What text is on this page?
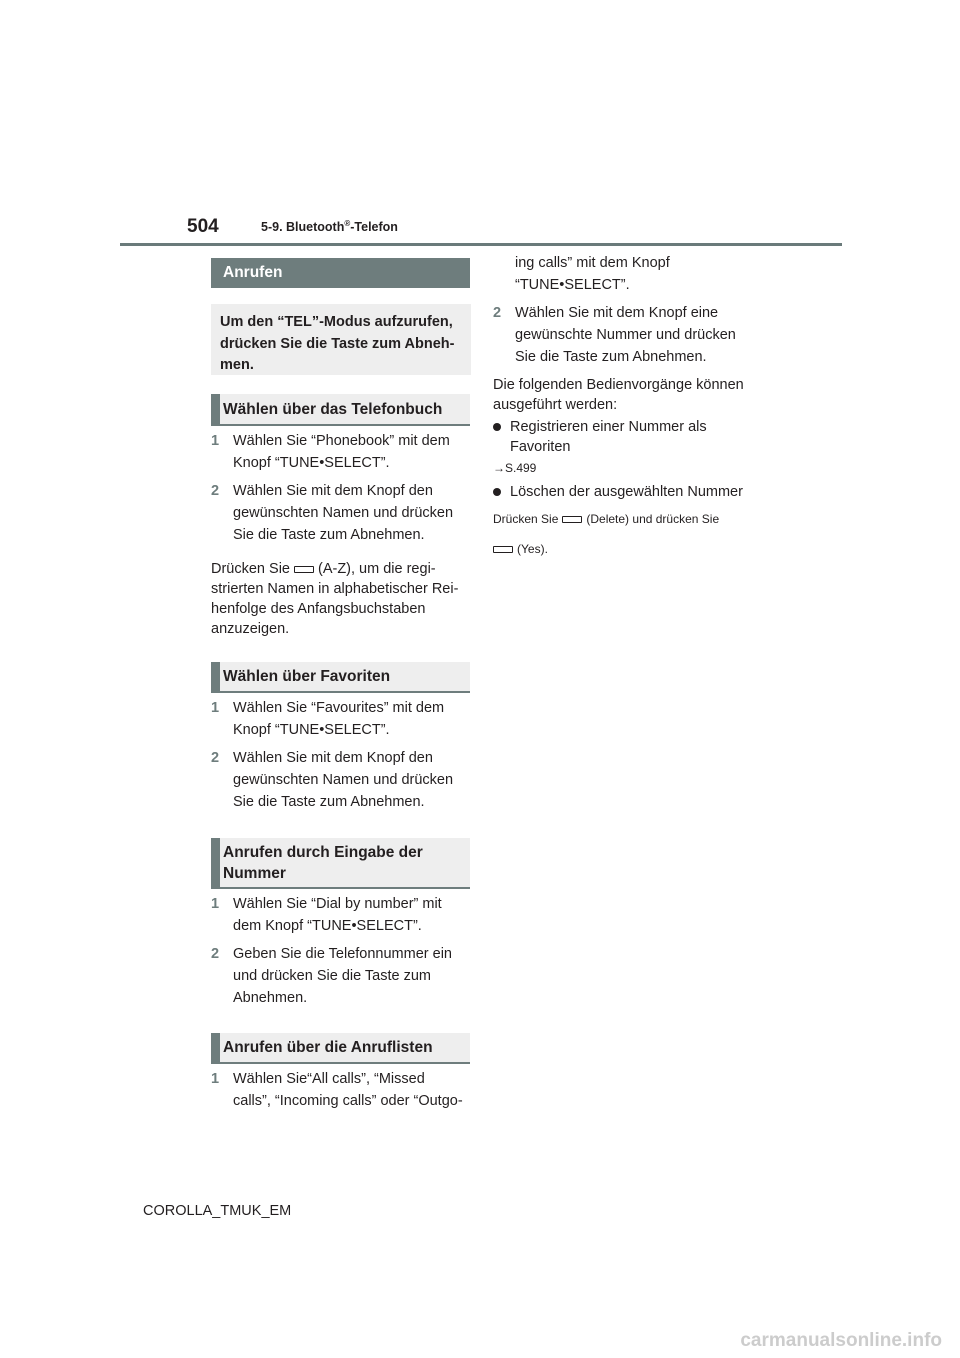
504	5-9. Bluetooth®-Telefon
Anrufen
Um den “TEL”-Modus aufzurufen, drücken Sie die Taste zum Abneh-men.
Wählen über das Telefonbuch
1 Wählen Sie “Phonebook” mit dem Knopf “TUNE•SELECT”.
2 Wählen Sie mit dem Knopf den gewünschten Namen und drücken Sie die Taste zum Abnehmen.
Drücken Sie (A-Z), um die regi-strierten Namen in alphabetischer Rei-henfolge des Anfangsbuchstaben anzuzeigen.
Wählen über Favoriten
1 Wählen Sie “Favourites” mit dem Knopf “TUNE•SELECT”.
2 Wählen Sie mit dem Knopf den gewünschten Namen und drücken Sie die Taste zum Abnehmen.
Anrufen durch Eingabe der Nummer
1 Wählen Sie “Dial by number” mit dem Knopf “TUNE•SELECT”.
2 Geben Sie die Telefonnummer ein und drücken Sie die Taste zum Abnehmen.
Anrufen über die Anruflisten
1 Wählen Sie“All calls”, “Missed calls”, “Incoming calls” oder “Outgo-
ing calls” mit dem Knopf “TUNE•SELECT”.
2 Wählen Sie mit dem Knopf eine gewünschte Nummer und drücken Sie die Taste zum Abnehmen.
Die folgenden Bedienvorgänge können ausgeführt werden:
Registrieren einer Nummer als Favoriten
→S.499
Löschen der ausgewählten Nummer
Drücken Sie (Delete) und drücken Sie
(Yes).
COROLLA_TMUK_EM
carmanualsonline.info
